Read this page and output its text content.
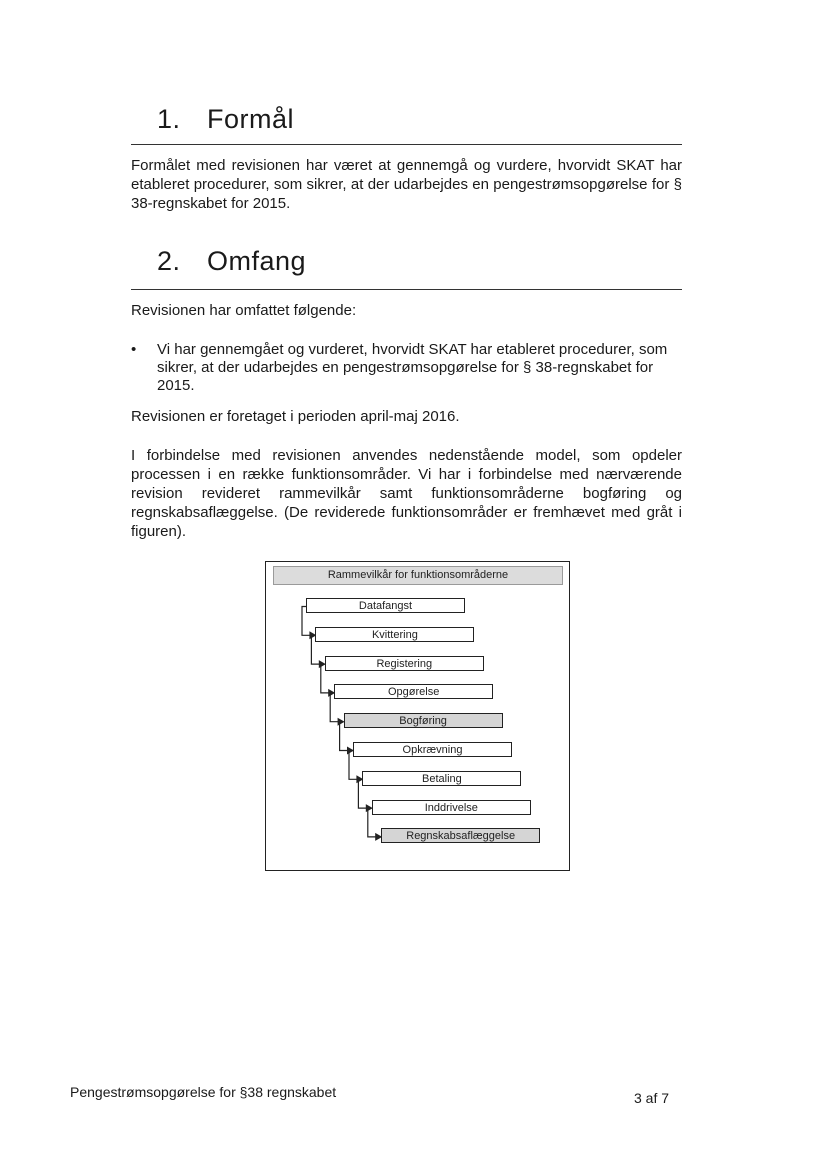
1. Formål
Formålet med revisionen har været at gennemgå og vurdere, hvorvidt SKAT har etableret procedurer, som sikrer, at der udarbejdes en pengestrømsopgørelse for § 38-regnskabet for 2015.
2. Omfang
Revisionen har omfattet følgende:
• Vi har gennemgået og vurderet, hvorvidt SKAT har etableret procedurer, som sikrer, at der udarbejdes en pengestrømsopgørelse for § 38-regnskabet for 2015.
Revisionen er foretaget i perioden april-maj 2016.
I forbindelse med revisionen anvendes nedenstående model, som opdeler processen i en række funktionsområder. Vi har i forbindelse med nærværende revision revideret rammevilkår samt funktionsområderne bogføring og regnskabsaflæggelse. (De reviderede funktionsområder er fremhævet med gråt i figuren).
Rammevilkår for funktionsområderne
Datafangst
Kvittering
Registering
Opgørelse
Bogføring
Opkrævning
Betaling
Inddrivelse
Regnskabsaflæggelse
Pengestrømsopgørelse for §38 regnskabet	3 af 7
